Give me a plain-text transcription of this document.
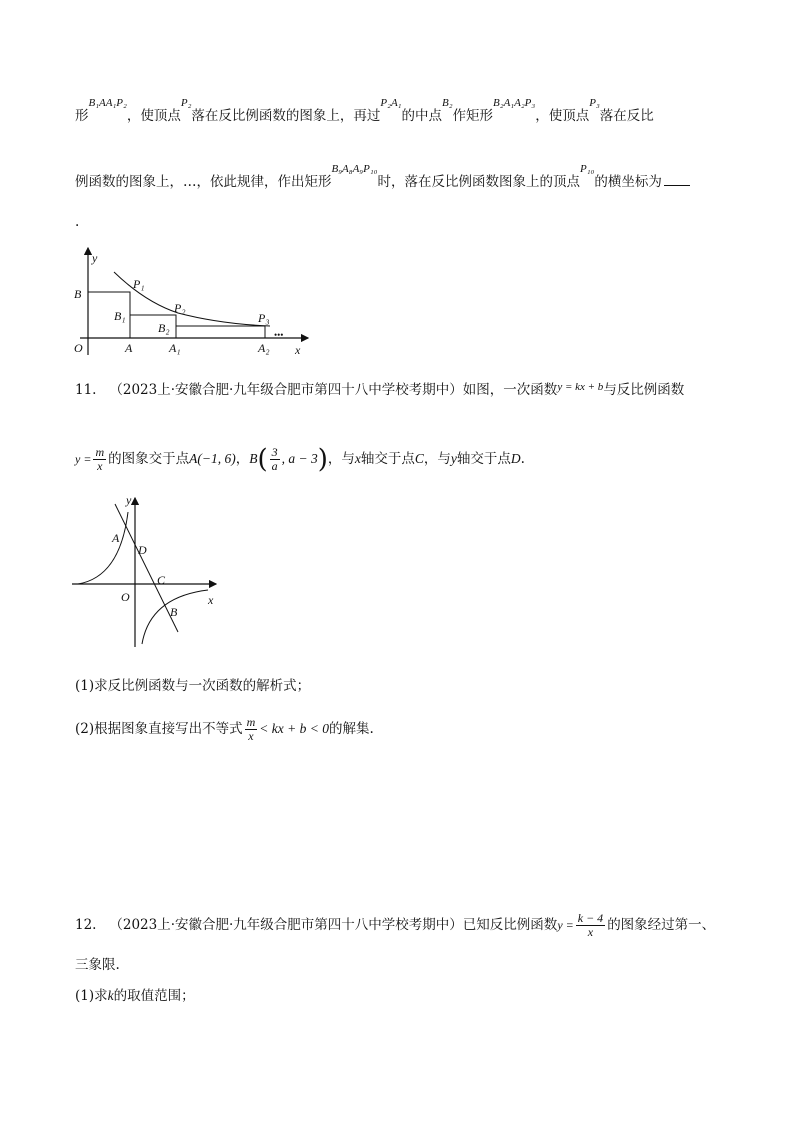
形$^{B_1AA_1P_2}$，使顶点$^{P_2}$落在反比例函数的图象上，再过$^{P_2A_1}$的中点$^{B_2}$作矩形$^{B_2A_1A_2P_3}$，使顶点$^{P_3}$落在反比
例函数的图象上，…，依此规律，作出矩形$^{B_9A_8A_9P_{10}}$时，落在反比例函数图象上的顶点$^{P_{10}}$的横坐标为
.
y
x
O
B
B₁
B₂
A	A₁	A₂
P₁
P₂
P₃
•••
11. （2023上·安徽合肥·九年级合肥市第四十八中学校考期中）如图，一次函数$^{y = kx + b}$与反比例函数
$y = \frac{m}{x}$ 的图象交于点A(−1, 6)，$B( \frac{3}{a}$ , a − 3)，与x轴交于点C，与y轴交于点D.
y
x
O
A
D
C
B
(1)求反比例函数与一次函数的解析式；
(2)根据图象直接写出不等式 $\frac{m}{x}$ < kx + b < 0的解集.
12. （2023上·安徽合肥·九年级合肥市第四十八中学校考期中）已知反比例函数$y = \frac{k - 4}{x}$ 的图象经过第一、
三象限.
(1)求k的取值范围；
